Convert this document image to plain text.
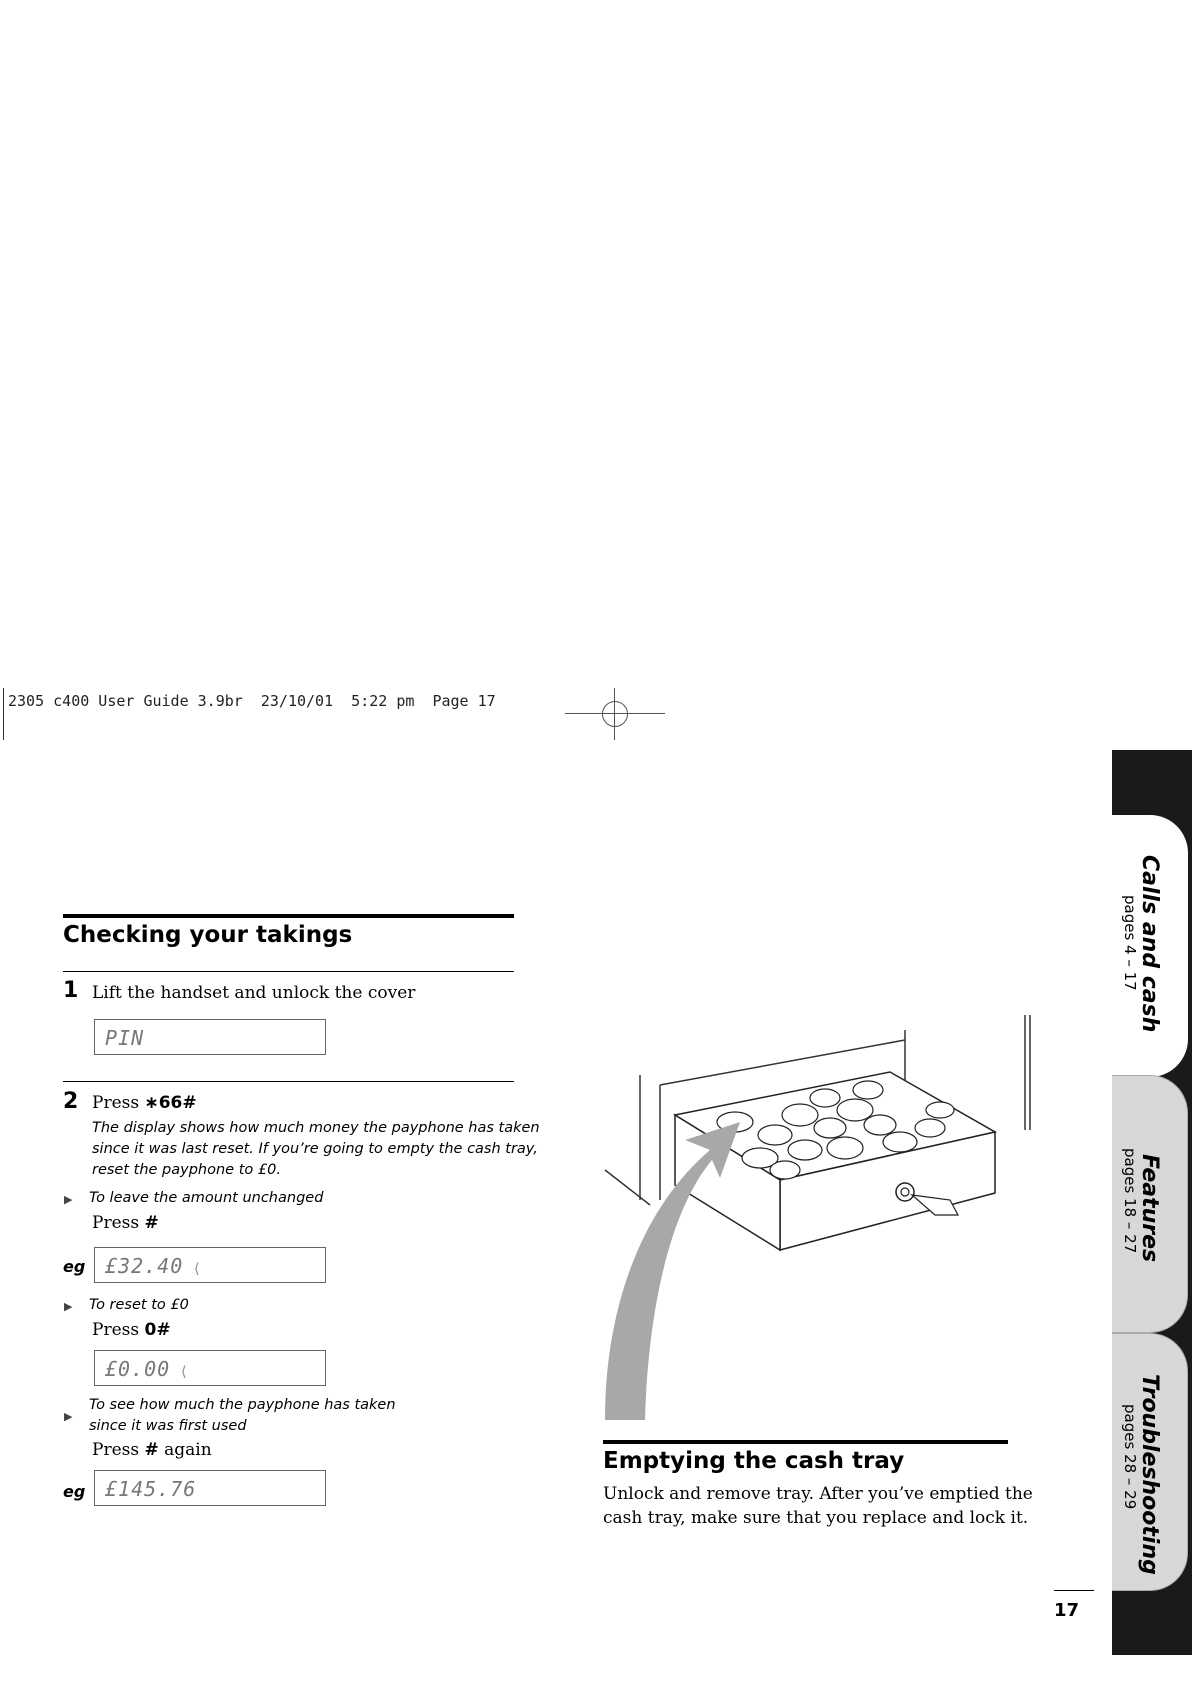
2305 c400 User Guide 3.9br  23/10/01  5:22 pm  Page 17
Checking your takings
1 Lift the handset and unlock the cover
PIN
2 Press ∗66#
The display shows how much money the payphone has taken
since it was last reset. If you’re going to empty the cash tray,
reset the payphone to £0.
▶ To leave the amount unchanged
Press #
eg £32.40 ⟨
▶ To reset to £0
Press 0#
£0.00 ⟨
▶
To see how much the payphone has taken
since it was first used
Press # again
eg £145.76
Emptying the cash tray
Unlock and remove tray. After you’ve emptied the
cash tray, make sure that you replace and lock it.
Calls and cash
pages 4 – 17
Features
pages 18 – 27
Troubleshooting
pages 28 – 29
17
